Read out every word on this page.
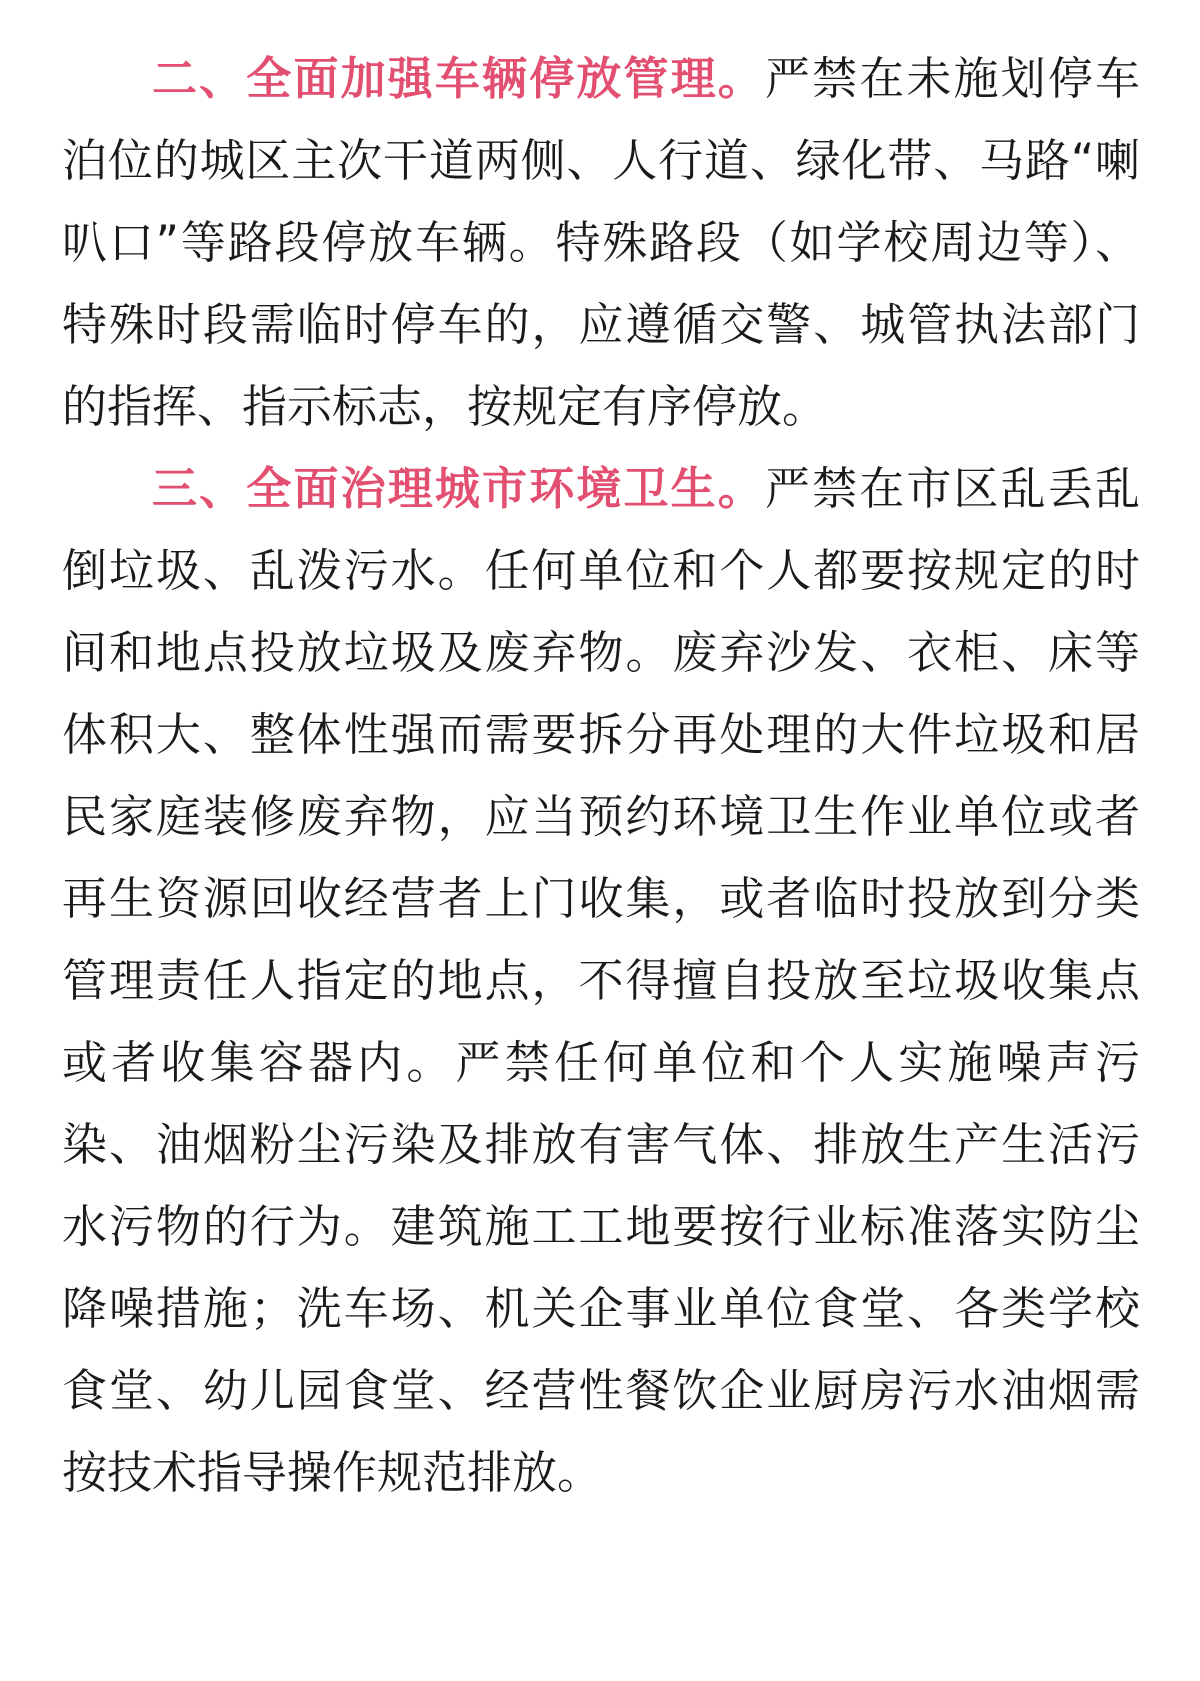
二、全面加强车辆停放管理。严禁在未施划停车泊位的城区主次干道两侧、人行道、绿化带、马路“喇叭口”等路段停放车辆。特殊路段（如学校周边等）、特殊时段需临时停车的，应遵循交警、城管执法部门的指挥、指示标志，按规定有序停放。

三、全面治理城市环境卫生。严禁在市区乱丢乱倒垃圾、乱泼污水。任何单位和个人都要按规定的时间和地点投放垃圾及废弃物。废弃沙发、衣柜、床等体积大、整体性强而需要拆分再处理的大件垃圾和居民家庭装修废弃物，应当预约环境卫生作业单位或者再生资源回收经营者上门收集，或者临时投放到分类管理责任人指定的地点，不得擅自投放至垃圾收集点或者收集容器内。严禁任何单位和个人实施噪声污染、油烟粉尘污染及排放有害气体、排放生产生活污水污物的行为。建筑施工工地要按行业标准落实防尘降噪措施；洗车场、机关企事业单位食堂、各类学校食堂、幼儿园食堂、经营性餐饮企业厨房污水油烟需按技术指导操作规范排放。
